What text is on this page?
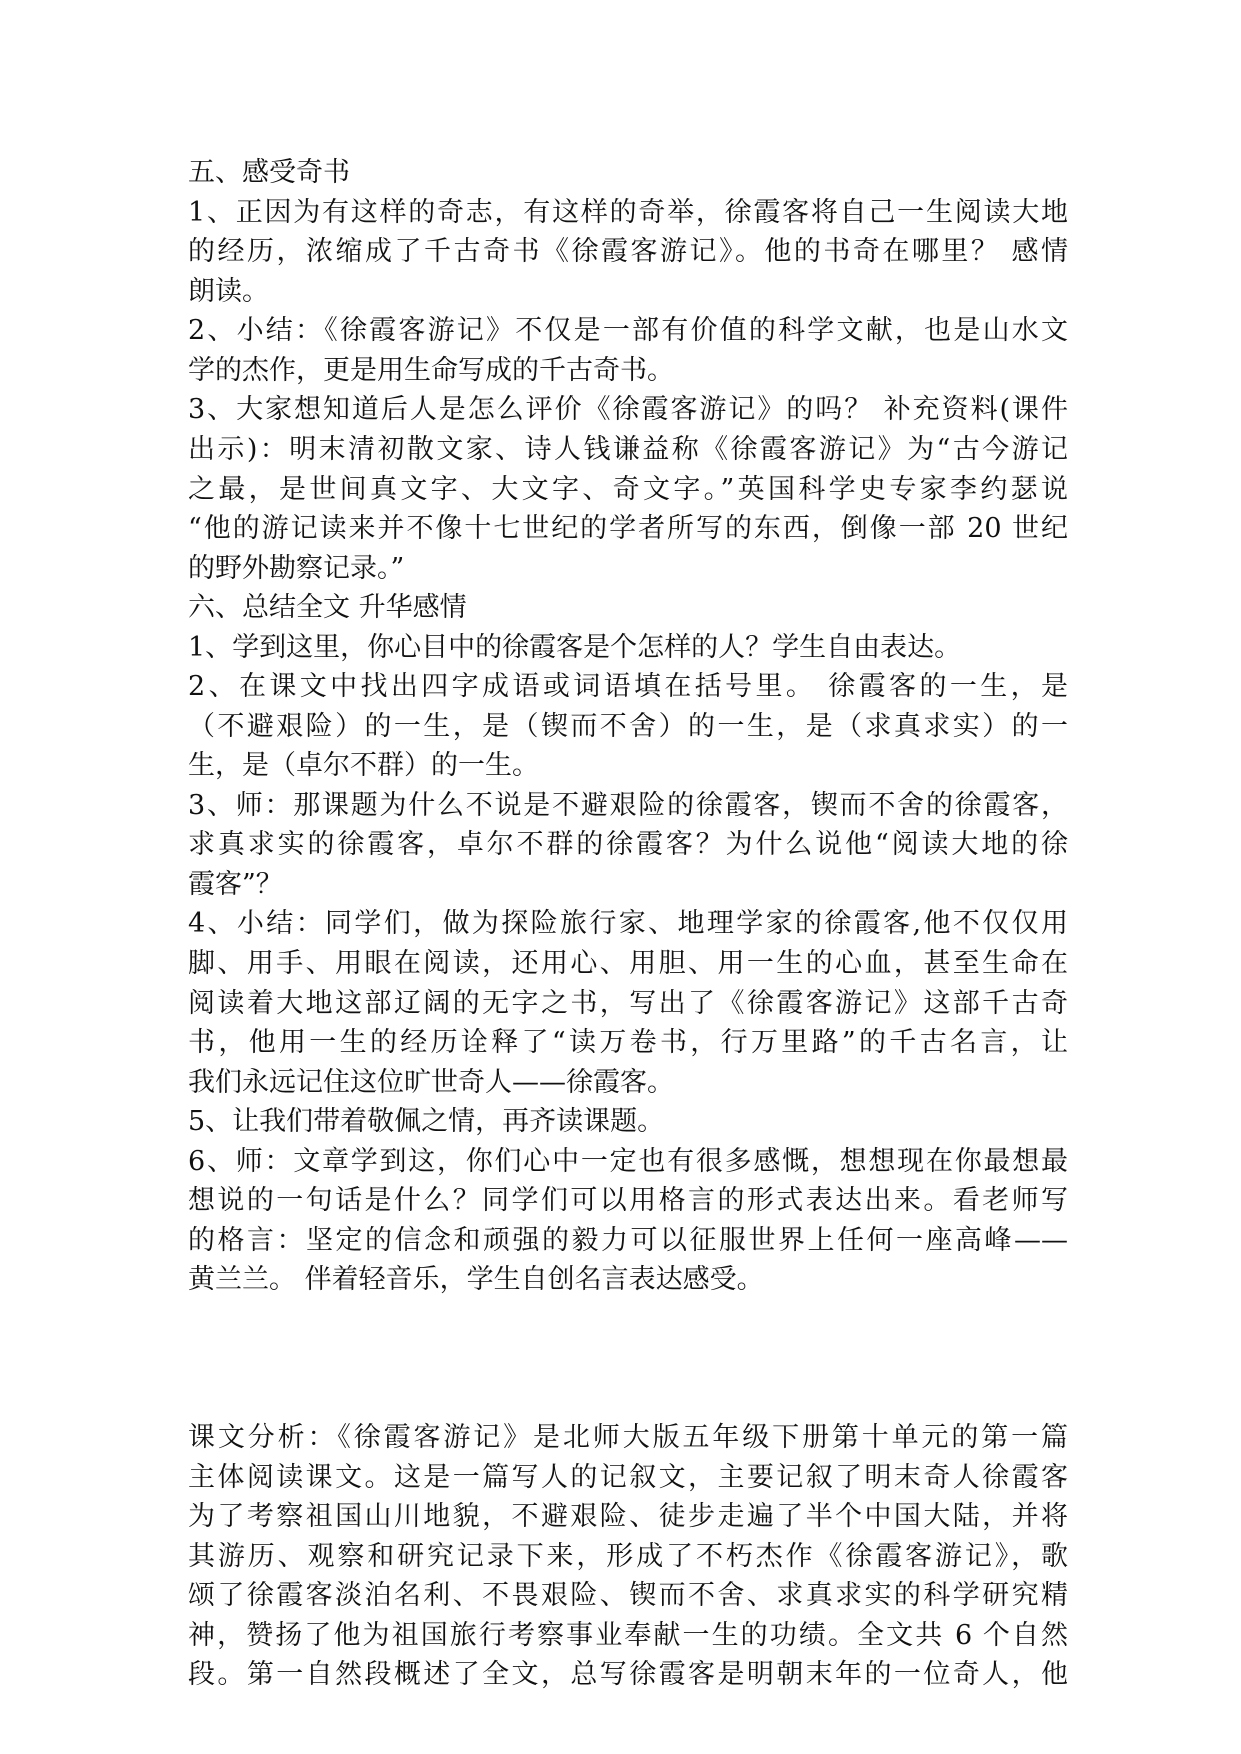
五、感受奇书
1、正因为有这样的奇志，有这样的奇举，徐霞客将自己一生阅读大地
的经历，浓缩成了千古奇书《徐霞客游记》。他的书奇在哪里？ 感情
朗读。
2、小结：《徐霞客游记》不仅是一部有价值的科学文献，也是山水文
学的杰作，更是用生命写成的千古奇书。
3、大家想知道后人是怎么评价《徐霞客游记》的吗？ 补充资料(课件
出示)：明末清初散文家、诗人钱谦益称《徐霞客游记》为“古今游记
之最，是世间真文字、大文字、奇文字。”英国科学史专家李约瑟说
“他的游记读来并不像十七世纪的学者所写的东西，倒像一部 20 世纪
的野外勘察记录。”
六、总结全文 升华感情
1、学到这里，你心目中的徐霞客是个怎样的人？学生自由表达。
2、在课文中找出四字成语或词语填在括号里。 徐霞客的一生，是
（不避艰险）的一生，是（锲而不舍）的一生，是（求真求实）的一
生，是（卓尔不群）的一生。
3、师：那课题为什么不说是不避艰险的徐霞客，锲而不舍的徐霞客，
求真求实的徐霞客，卓尔不群的徐霞客？为什么说他“阅读大地的徐
霞客”？
4、小结：同学们，做为探险旅行家、地理学家的徐霞客,他不仅仅用
脚、用手、用眼在阅读，还用心、用胆、用一生的心血，甚至生命在
阅读着大地这部辽阔的无字之书，写出了《徐霞客游记》这部千古奇
书，他用一生的经历诠释了“读万卷书，行万里路”的千古名言，让
我们永远记住这位旷世奇人——徐霞客。
5、让我们带着敬佩之情，再齐读课题。
6、师：文章学到这，你们心中一定也有很多感慨，想想现在你最想最
想说的一句话是什么？同学们可以用格言的形式表达出来。看老师写
的格言：坚定的信念和顽强的毅力可以征服世界上任何一座高峰——
黄兰兰。 伴着轻音乐，学生自创名言表达感受。
课文分析：《徐霞客游记》是北师大版五年级下册第十单元的第一篇
主体阅读课文。这是一篇写人的记叙文，主要记叙了明末奇人徐霞客
为了考察祖国山川地貌，不避艰险、徒步走遍了半个中国大陆，并将
其游历、观察和研究记录下来，形成了不朽杰作《徐霞客游记》，歌
颂了徐霞客淡泊名利、不畏艰险、锲而不舍、求真求实的科学研究精
神，赞扬了他为祖国旅行考察事业奉献一生的功绩。全文共 6 个自然
段。第一自然段概述了全文，总写徐霞客是明朝末年的一位奇人，他
